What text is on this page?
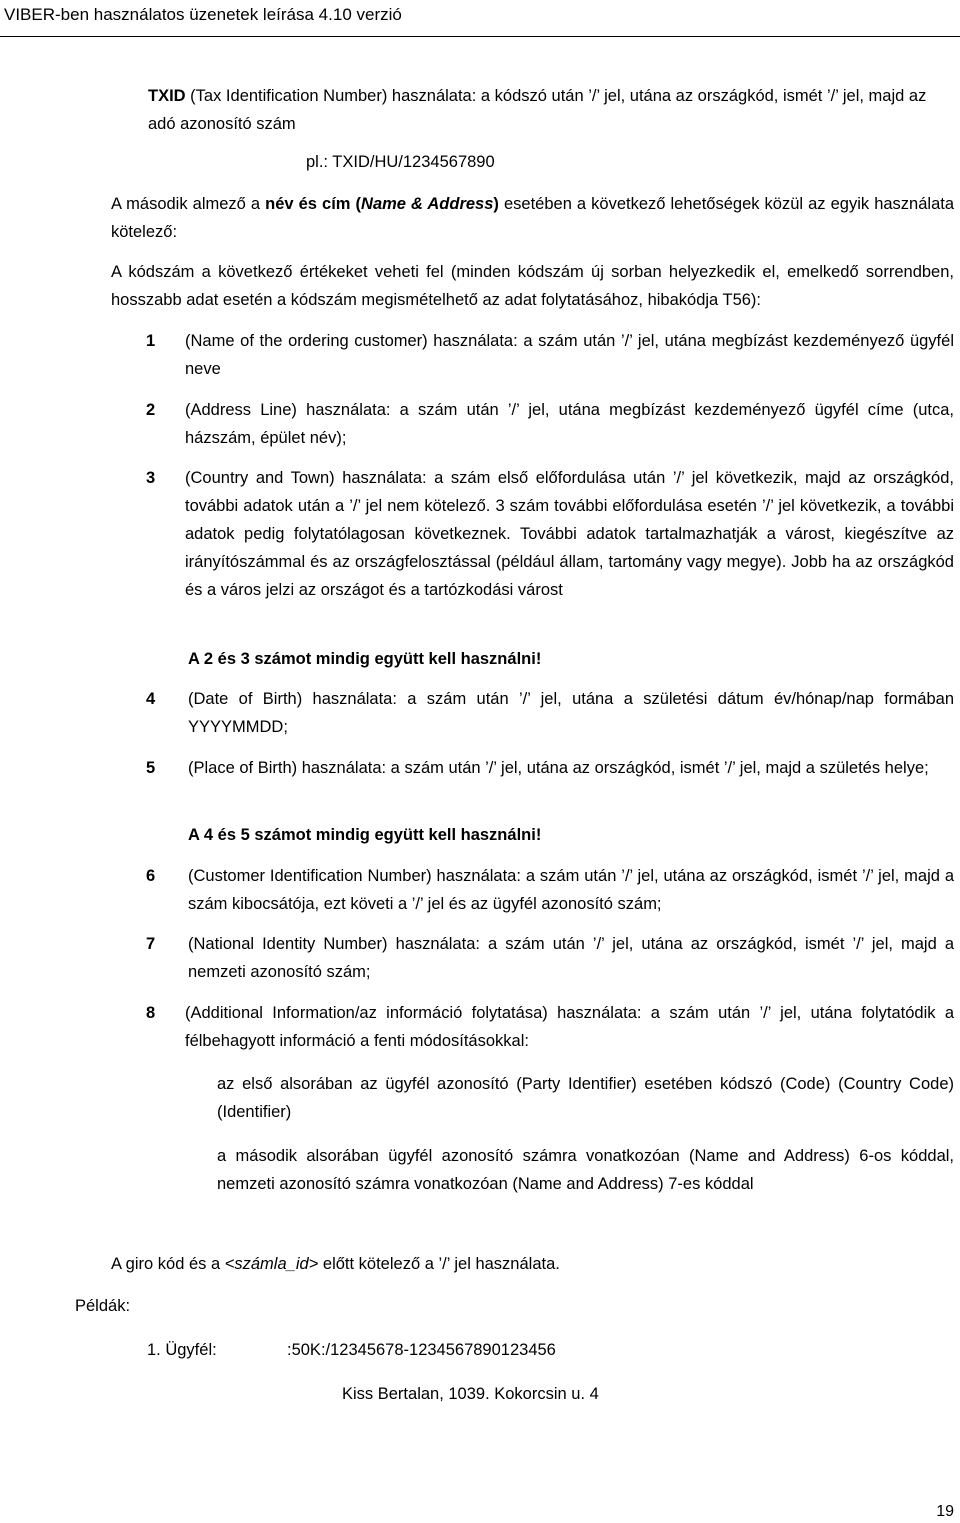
VIBER-ben használatos üzenetek leírása 4.10 verzió
TXID (Tax Identification Number) használata: a kódszó után ’/’ jel, utána az országkód, ismét ’/’ jel, majd az adó azonosító szám
pl.: TXID/HU/1234567890
A második almező a név és cím (Name & Address) esetében a következő lehetőségek közül az egyik használata kötelező:
A kódszám a következő értékeket veheti fel (minden kódszám új sorban helyezkedik el, emelkedő sorrendben, hosszabb adat esetén a kódszám megismételhető az adat folytatásához, hibakódja T56):
1 (Name of the ordering customer) használata: a szám után ’/’ jel, utána megbízást kezdeményező ügyfél neve
2 (Address Line) használata: a szám után ’/’ jel, utána megbízást kezdeményező ügyfél címe (utca, házszám, épület név);
3 (Country and Town) használata: a szám első előfordulása után ’/’ jel következik, majd az országkód, további adatok után a ’/’ jel nem kötelező. 3 szám további előfordulása esetén ’/’ jel következik, a további adatok pedig folytatólagosan következnek. További adatok tartalmazhatják a várost, kiegészítve az irányítószámmal és az országfelosztással (például állam, tartomány vagy megye). Jobb ha az országkód és a város jelzi az országot és a tartózkodási várost
A 2 és 3 számot mindig együtt kell használni!
4 (Date of Birth) használata: a szám után ’/’ jel, utána a születési dátum év/hónap/nap formában YYYYMMDD;
5 (Place of Birth) használata: a szám után ’/’ jel, utána az országkód, ismét ’/’ jel, majd a születés helye;
A 4 és 5 számot mindig együtt kell használni!
6 (Customer Identification Number) használata: a szám után ’/’ jel, utána az országkód, ismét ’/’ jel, majd a szám kibocsátója, ezt követi a ’/’ jel és az ügyfél azonosító szám;
7 (National Identity Number) használata: a szám után ’/’ jel, utána az országkód, ismét ’/’ jel, majd a nemzeti azonosító szám;
8 (Additional Information/az információ folytatása) használata: a szám után ’/’ jel, utána folytatódik a félbehagyott információ a fenti módosításokkal:
az első alsorában az ügyfél azonosító (Party Identifier) esetében kódszó (Code) (Country Code) (Identifier)
a második alsorában ügyfél azonosító számra vonatkozóan (Name and Address) 6-os kóddal, nemzeti azonosító számra vonatkozóan (Name and Address) 7-es kóddal
A giro kód és a <számla_id> előtt kötelező a ’/’ jel használata.
Példák:
1. Ügyfél:	:50K:/12345678-1234567890123456
Kiss Bertalan, 1039. Kokorcsin u. 4
19
